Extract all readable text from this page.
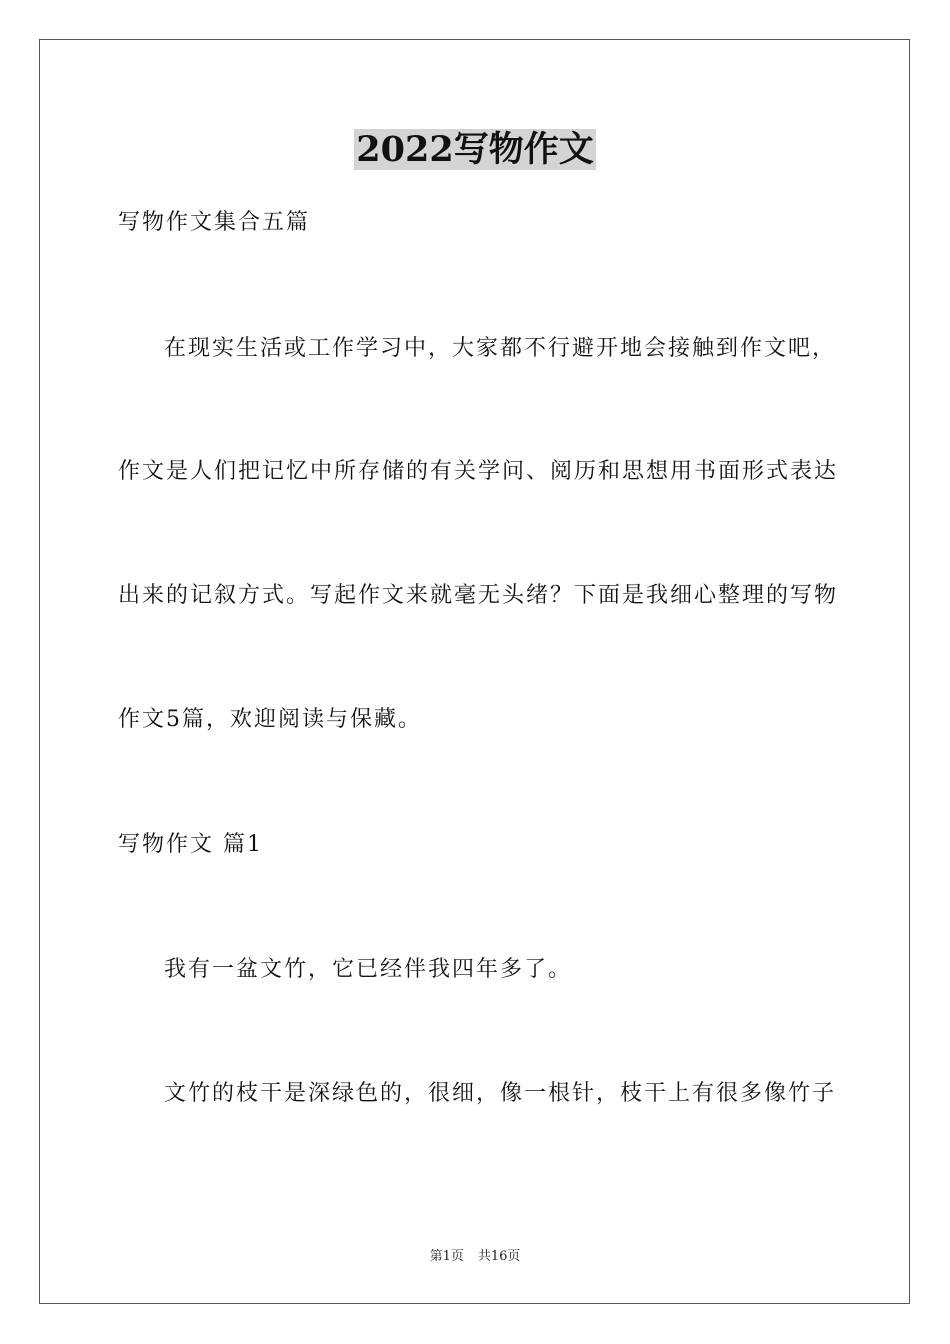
2022写物作文
写物作文集合五篇
在现实生活或工作学习中，大家都不行避开地会接触到作文吧，
作文是人们把记忆中所存储的有关学问、阅历和思想用书面形式表达
出来的记叙方式。写起作文来就毫无头绪？下面是我细心整理的写物
作文5篇，欢迎阅读与保藏。
写物作文 篇1
我有一盆文竹，它已经伴我四年多了。
文竹的枝干是深绿色的，很细，像一根针，枝干上有很多像竹子
第1页 共16页
